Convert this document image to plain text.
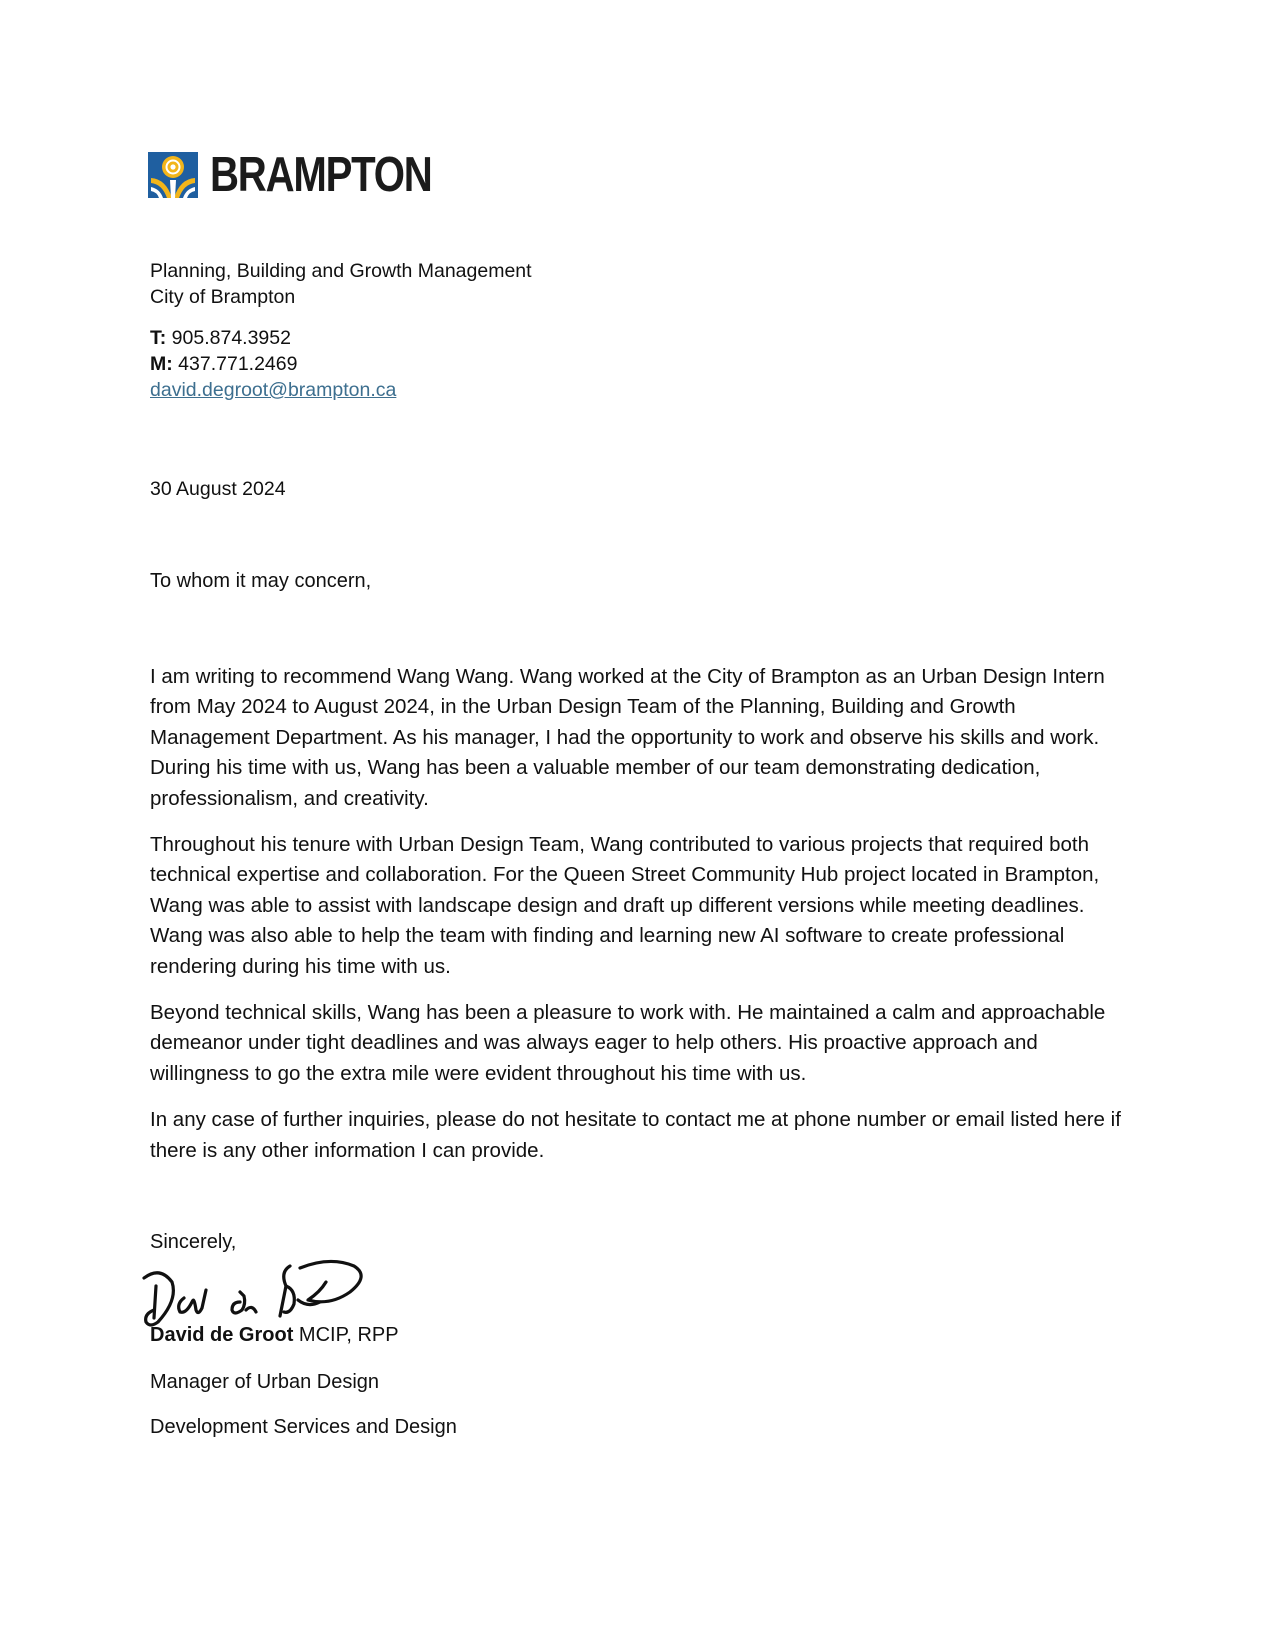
BRAMPTON
Planning, Building and Growth Management
City of Brampton
T: 905.874.3952
M: 437.771.2469
david.degroot@brampton.ca
30 August 2024
To whom it may concern,

I am writing to recommend Wang Wang. Wang worked at the City of Brampton as an Urban Design Intern from May 2024 to August 2024, in the Urban Design Team of the Planning, Building and Growth Management Department. As his manager, I had the opportunity to work and observe his skills and work. During his time with us, Wang has been a valuable member of our team demonstrating dedication, professionalism, and creativity.

Throughout his tenure with Urban Design Team, Wang contributed to various projects that required both technical expertise and collaboration. For the Queen Street Community Hub project located in Brampton, Wang was able to assist with landscape design and draft up different versions while meeting deadlines. Wang was also able to help the team with finding and learning new AI software to create professional rendering during his time with us.

Beyond technical skills, Wang has been a pleasure to work with. He maintained a calm and approachable demeanor under tight deadlines and was always eager to help others. His proactive approach and willingness to go the extra mile were evident throughout his time with us.

In any case of further inquiries, please do not hesitate to contact me at phone number or email listed here if there is any other information I can provide.

Sincerely,
David de Groot MCIP, RPP
Manager of Urban Design
Development Services and Design
